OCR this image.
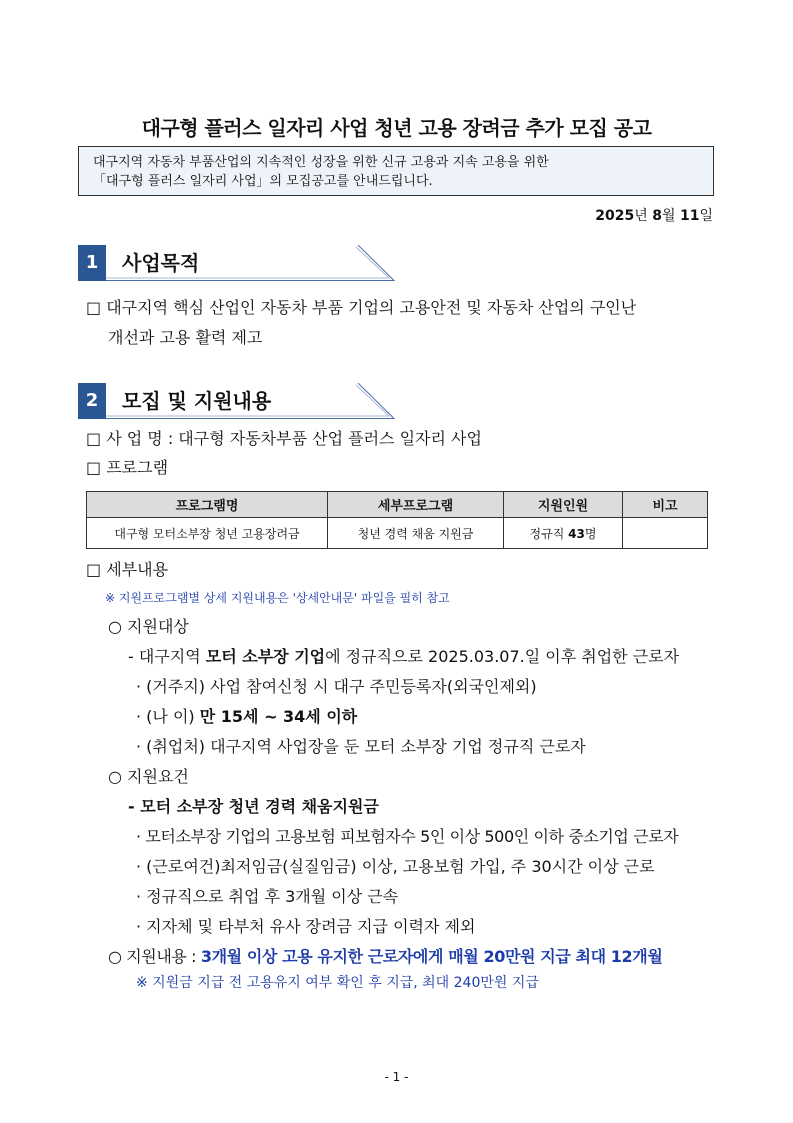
대구형 플러스 일자리 사업 청년 고용 장려금 추가 모집 공고
대구지역 자동차 부품산업의 지속적인 성장을 위한 신규 고용과 지속 고용을 위한
「대구형 플러스 일자리 사업」의 모집공고를 안내드립니다.
2025년 8월 11일
1	사업목적
□ 대구지역 핵심 산업인 자동차 부품 기업의 고용안전 및 자동차 산업의 구인난
개선과 고용 활력 제고
2	모집 및 지원내용
□ 사 업 명 : 대구형 자동차부품 산업 플러스 일자리 사업
□ 프로그램
프로그램명	세부프로그램	지원인원	비고
대구형 모터소부장 청년 고용장려금	청년 경력 채움 지원금	정규직 43명	
□ 세부내용
※ 지원프로그램별 상세 지원내용은 '상세안내문' 파일을 필히 참고
○ 지원대상
- 대구지역 모터 소부장 기업에 정규직으로 2025.03.07.일 이후 취업한 근로자
· (거주지) 사업 참여신청 시 대구 주민등록자(외국인제외)
· (나 이) 만 15세 ~ 34세 이하
· (취업처) 대구지역 사업장을 둔 모터 소부장 기업 정규직 근로자
○ 지원요건
- 모터 소부장 청년 경력 채움지원금
· 모터소부장 기업의 고용보험 피보험자수 5인 이상 500인 이하 중소기업 근로자
· (근로여건)최저임금(실질임금) 이상, 고용보험 가입, 주 30시간 이상 근로
· 정규직으로 취업 후 3개월 이상 근속
· 지자체 및 타부처 유사 장려금 지급 이력자 제외
○ 지원내용 : 3개월 이상 고용 유지한 근로자에게 매월 20만원 지급 최대 12개월
※ 지원금 지급 전 고용유지 여부 확인 후 지급, 최대 240만원 지급
- 1 -
